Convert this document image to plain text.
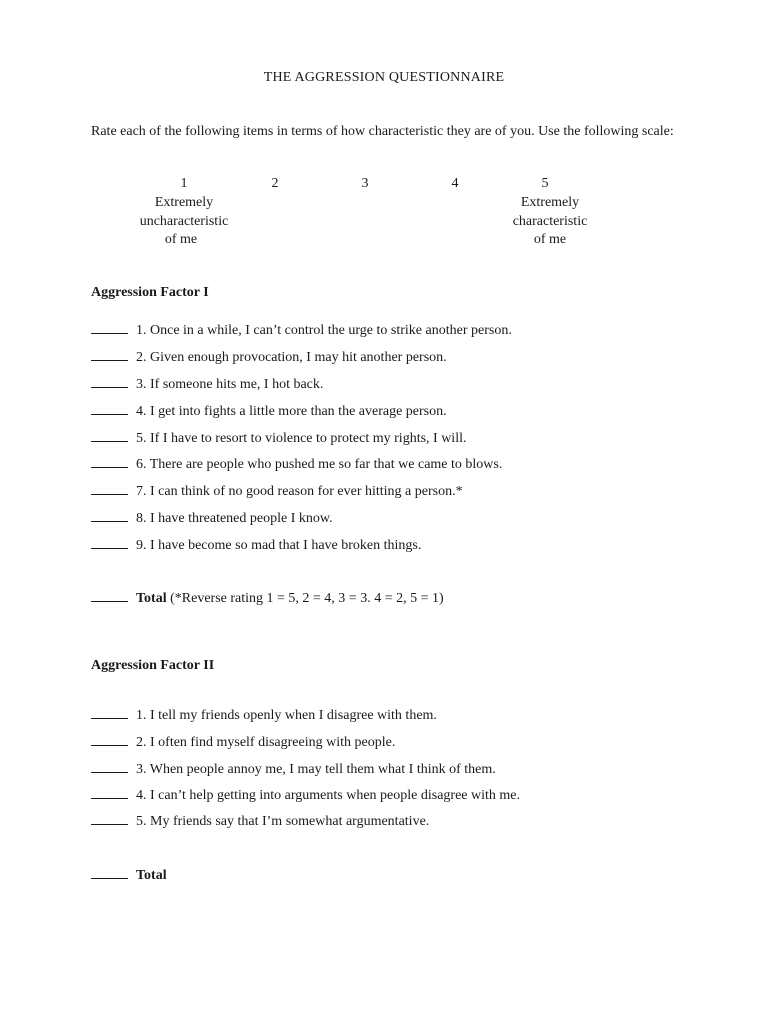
THE AGGRESSION QUESTIONNAIRE
Rate each of the following items in terms of how characteristic they are of you. Use the following scale:
1	2	3	4	5
Extremely
uncharacteristic
of me
Extremely
characteristic
of me
Aggression Factor I
1. Once in a while, I can’t control the urge to strike another person.
2. Given enough provocation, I may hit another person.
3. If someone hits me, I hot back.
4. I get into fights a little more than the average person.
5. If I have to resort to violence to protect my rights, I will.
6. There are people who pushed me so far that we came to blows.
7. I can think of no good reason for ever hitting a person.*
8. I have threatened people I know.
9. I have become so mad that I have broken things.
Total (*Reverse rating 1 = 5, 2 = 4, 3 = 3. 4 = 2, 5 = 1)
Aggression Factor II
1. I tell my friends openly when I disagree with them.
2. I often find myself disagreeing with people.
3. When people annoy me, I may tell them what I think of them.
4. I can’t help getting into arguments when people disagree with me.
5. My friends say that I’m somewhat argumentative.
Total
